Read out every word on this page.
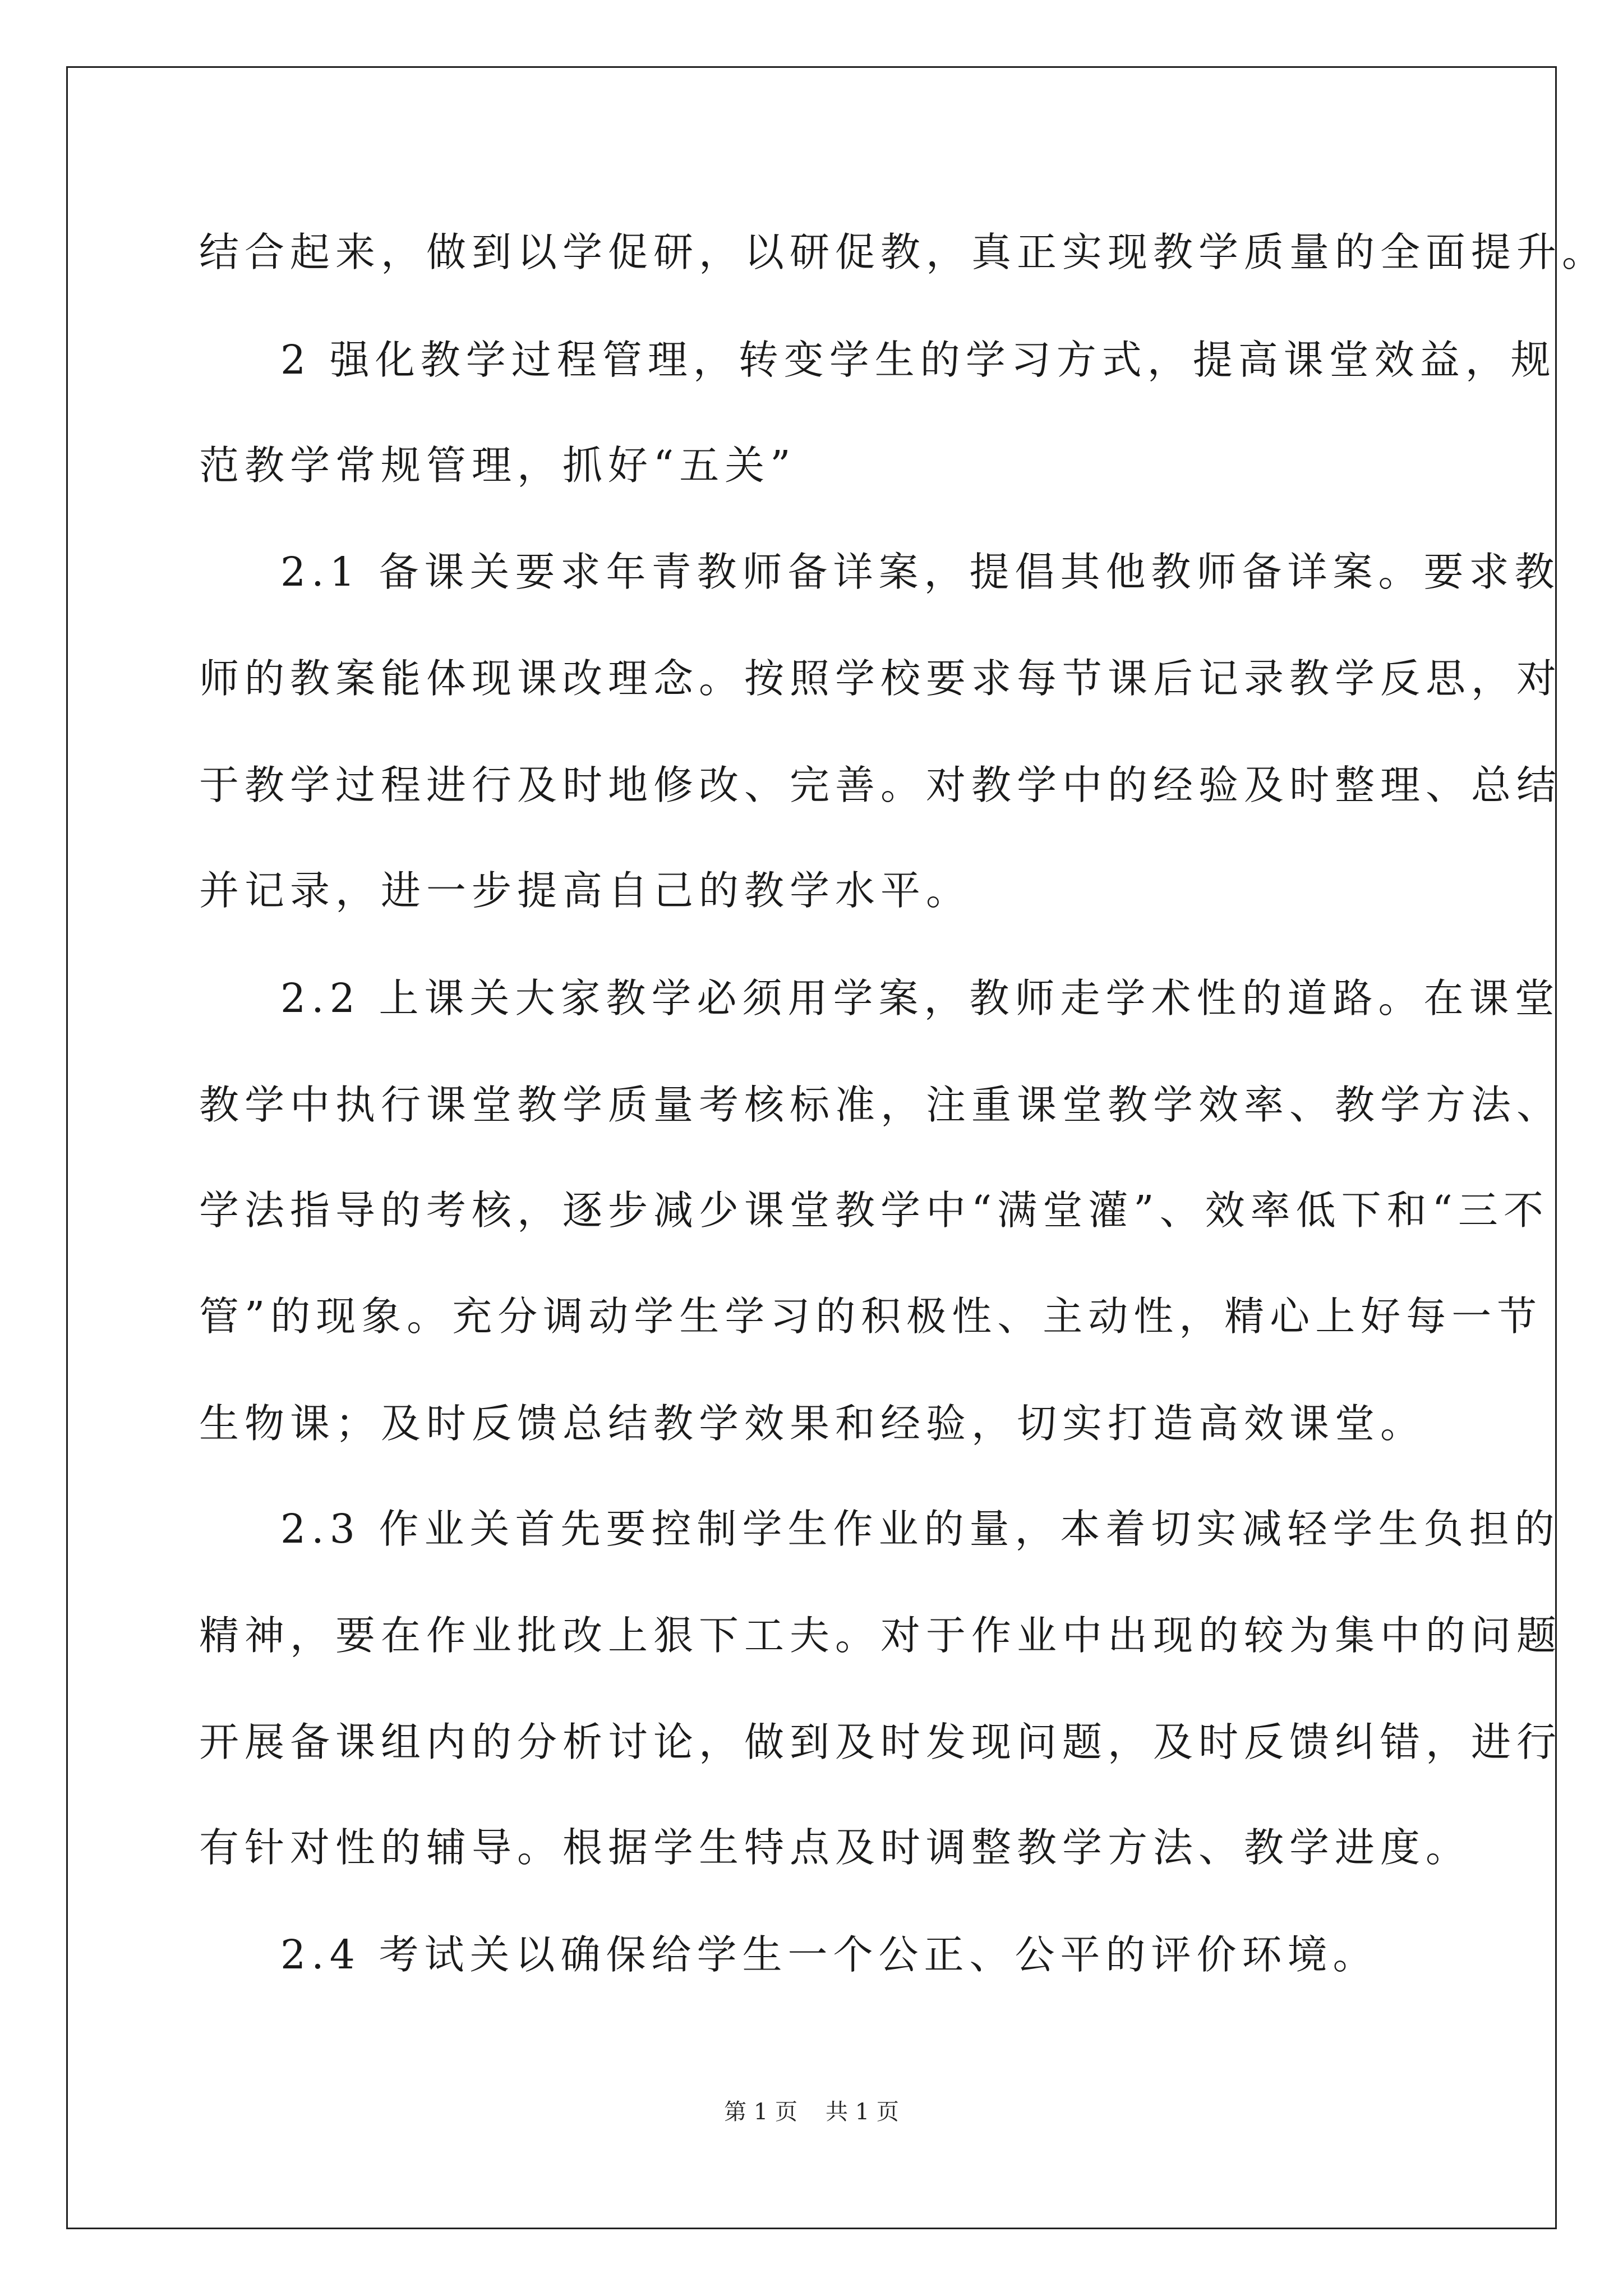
结合起来，做到以学促研，以研促教，真正实现教学质量的全面提升。
2 强化教学过程管理，转变学生的学习方式，提高课堂效益，规
范教学常规管理，抓好“五关”
2.1 备课关要求年青教师备详案，提倡其他教师备详案。要求教
师的教案能体现课改理念。按照学校要求每节课后记录教学反思，对
于教学过程进行及时地修改、完善。对教学中的经验及时整理、总结
并记录，进一步提高自己的教学水平。
2.2 上课关大家教学必须用学案，教师走学术性的道路。在课堂
教学中执行课堂教学质量考核标准，注重课堂教学效率、教学方法、
学法指导的考核，逐步减少课堂教学中“满堂灌”、效率低下和“三不
管”的现象。充分调动学生学习的积极性、主动性，精心上好每一节
生物课；及时反馈总结教学效果和经验，切实打造高效课堂。
2.3 作业关首先要控制学生作业的量，本着切实减轻学生负担的
精神，要在作业批改上狠下工夫。对于作业中出现的较为集中的问题
开展备课组内的分析讨论，做到及时发现问题，及时反馈纠错，进行
有针对性的辅导。根据学生特点及时调整教学方法、教学进度。
2.4 考试关以确保给学生一个公正、公平的评价环境。
第 1 页 共 1 页
